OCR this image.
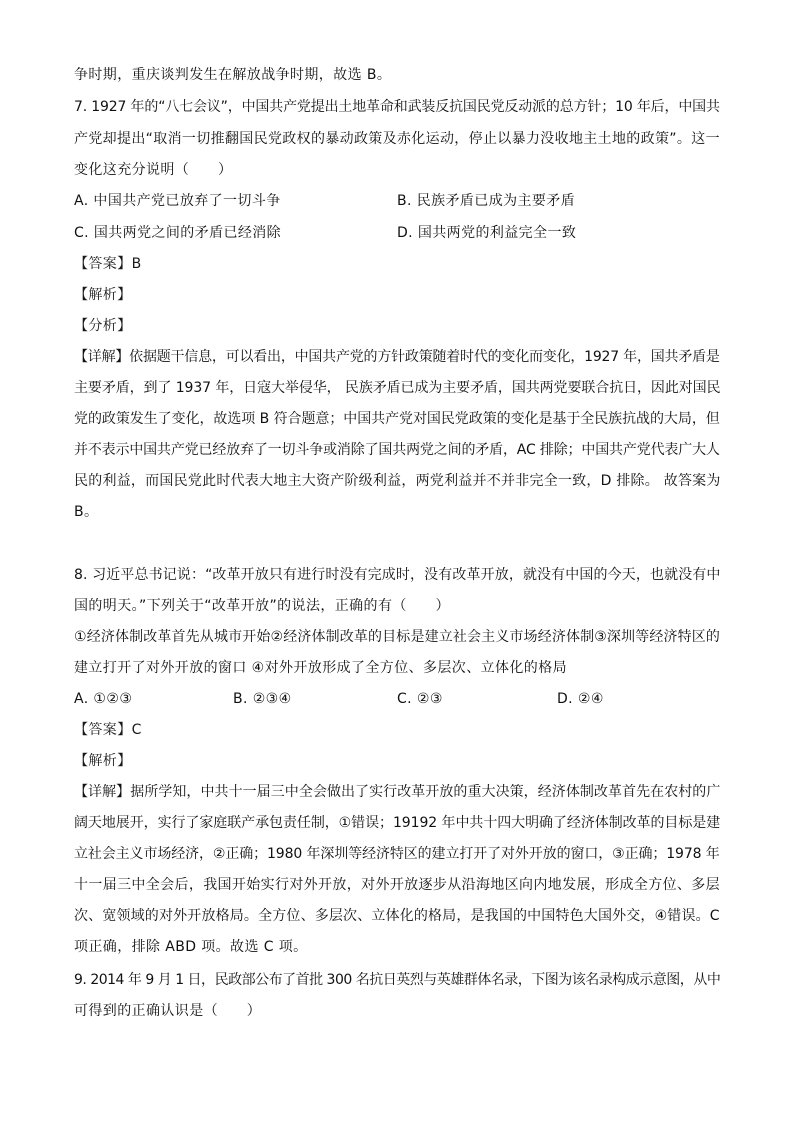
争时期，重庆谈判发生在解放战争时期，故选 B。
7. 1927 年的“八七会议”，中国共产党提出土地革命和武装反抗国民党反动派的总方针；10 年后，中国共
产党却提出“取消一切推翻国民党政权的暴动政策及赤化运动，停止以暴力没收地主土地的政策”。这一
变化这充分说明（　　）
A. 中国共产党已放弃了一切斗争	B. 民族矛盾已成为主要矛盾
C. 国共两党之间的矛盾已经消除	D. 国共两党的利益完全一致
【答案】B
【解析】
【分析】
【详解】依据题干信息，可以看出，中国共产党的方针政策随着时代的变化而变化，1927 年，国共矛盾是
主要矛盾，到了 1937 年，日寇大举侵华， 民族矛盾已成为主要矛盾，国共两党要联合抗日，因此对国民
党的政策发生了变化，故选项 B 符合题意；中国共产党对国民党政策的变化是基于全民族抗战的大局，但
并不表示中国共产党已经放弃了一切斗争或消除了国共两党之间的矛盾，AC 排除；中国共产党代表广大人
民的利益，而国民党此时代表大地主大资产阶级利益，两党利益并不并非完全一致，D 排除。 故答案为
B。
8. 习近平总书记说：“改革开放只有进行时没有完成时，没有改革开放，就没有中国的今天，也就没有中
国的明天。”下列关于“改革开放”的说法，正确的有（　　）
①经济体制改革首先从城市开始②经济体制改革的目标是建立社会主义市场经济体制③深圳等经济特区的
建立打开了对外开放的窗口 ④对外开放形成了全方位、多层次、立体化的格局
A. ①②③	B. ②③④	C. ②③	D. ②④
【答案】C
【解析】
【详解】据所学知，中共十一届三中全会做出了实行改革开放的重大决策，经济体制改革首先在农村的广
阔天地展开，实行了家庭联产承包责任制，①错误；19192 年中共十四大明确了经济体制改革的目标是建
立社会主义市场经济，②正确；1980 年深圳等经济特区的建立打开了对外开放的窗口，③正确；1978 年
十一届三中全会后，我国开始实行对外开放，对外开放逐步从沿海地区向内地发展，形成全方位、多层
次、宽领域的对外开放格局。全方位、多层次、立体化的格局，是我国的中国特色大国外交，④错误。C
项正确，排除 ABD 项。故选 C 项。
9. 2014 年 9 月 1 日，民政部公布了首批 300 名抗日英烈与英雄群体名录，下图为该名录构成示意图，从中
可得到的正确认识是（　　）
